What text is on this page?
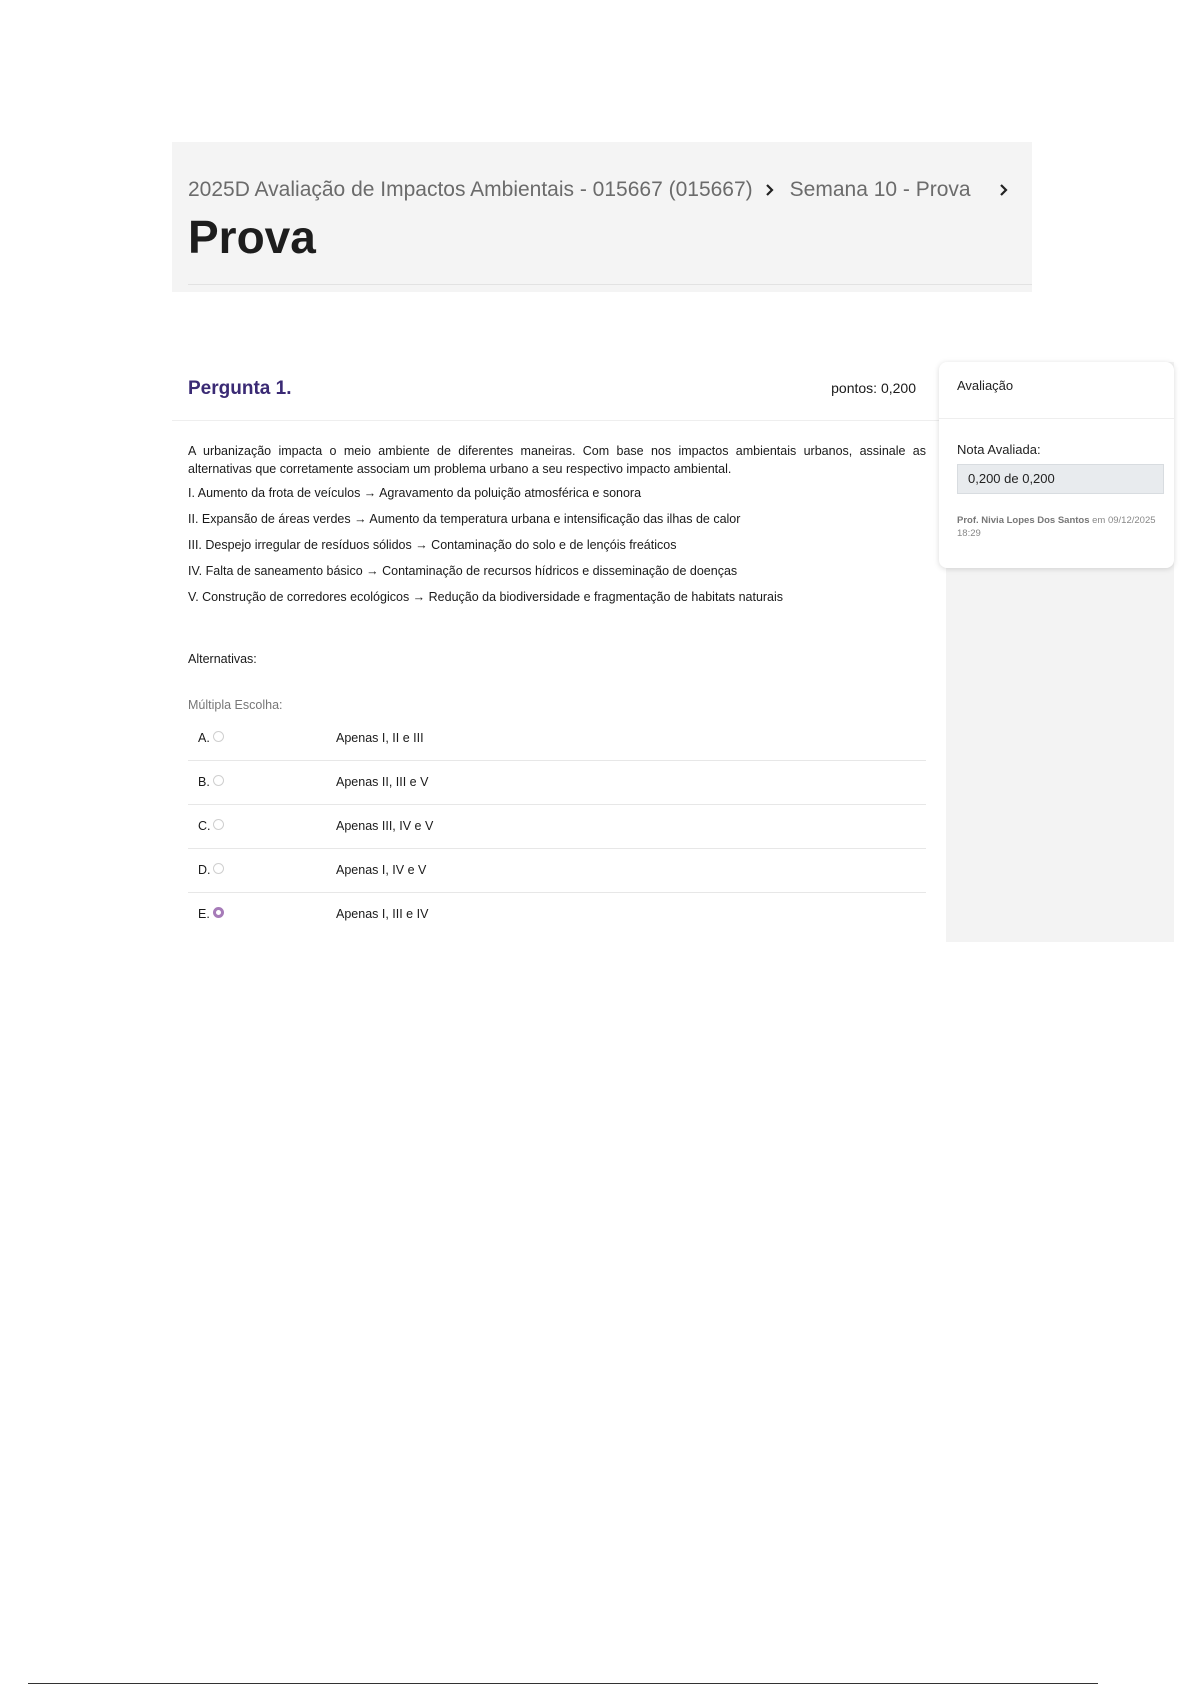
2025D Avaliação de Impactos Ambientais - 015667 (015667) Semana 10 - Prova
Prova
Pergunta 1.	pontos: 0,200

A urbanização impacta o meio ambiente de diferentes maneiras. Com base nos impactos ambientais urbanos, assinale as alternativas que corretamente associam um problema urbano a seu respectivo impacto ambiental.

I. Aumento da frota de veículos → Agravamento da poluição atmosférica e sonora

II. Expansão de áreas verdes → Aumento da temperatura urbana e intensificação das ilhas de calor

III. Despejo irregular de resíduos sólidos → Contaminação do solo e de lençóis freáticos

IV. Falta de saneamento básico → Contaminação de recursos hídricos e disseminação de doenças

V. Construção de corredores ecológicos → Redução da biodiversidade e fragmentação de habitats naturais

Alternativas:
Múltipla Escolha:
A.	Apenas I, II e III
B.	Apenas II, III e V
C.	Apenas III, IV e V
D.	Apenas I, IV e V
E.	Apenas I, III e IV
Avaliação
Nota Avaliada:
0,200 de 0,200
Prof. Nivia Lopes Dos Santos em 09/12/2025 18:29
